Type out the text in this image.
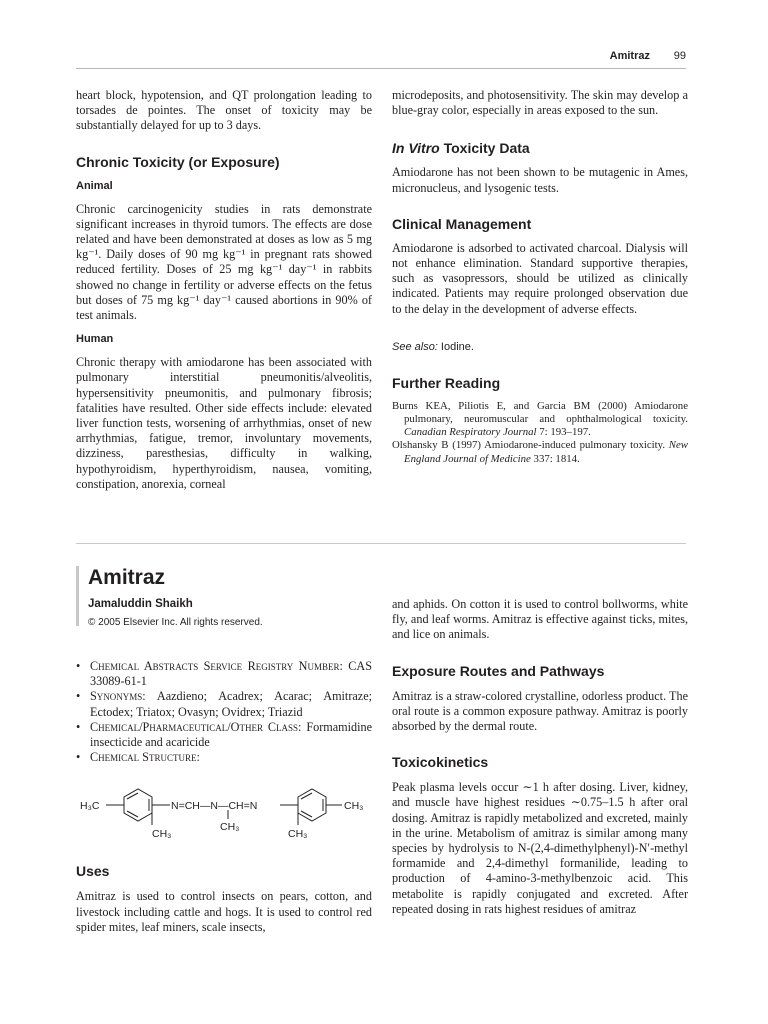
Amitraz 99

heart block, hypotension, and QT prolongation leading to torsades de pointes. The onset of toxicity may be substantially delayed for up to 3 days.

Chronic Toxicity (or Exposure)

Animal

Chronic carcinogenicity studies in rats demonstrate significant increases in thyroid tumors. The effects are dose related and have been demonstrated at doses as low as 5 mg kg⁻¹. Daily doses of 90 mg kg⁻¹ in pregnant rats showed reduced fertility. Doses of 25 mg kg⁻¹ day⁻¹ in rabbits showed no change in fertility or adverse effects on the fetus but doses of 75 mg kg⁻¹ day⁻¹ caused abortions in 90% of test animals.

Human

Chronic therapy with amiodarone has been associated with pulmonary interstitial pneumonitis/alveolitis, hypersensitivity pneumonitis, and pulmonary fibrosis; fatalities have resulted. Other side effects include: elevated liver function tests, worsening of arrhythmias, onset of new arrhythmias, fatigue, tremor, involuntary movements, dizziness, paresthesias, difficulty in walking, hypothyroidism, hyperthyroidism, nausea, vomiting, constipation, anorexia, corneal

microdeposits, and photosensitivity. The skin may develop a blue-gray color, especially in areas exposed to the sun.

In Vitro Toxicity Data

Amiodarone has not been shown to be mutagenic in Ames, micronucleus, and lysogenic tests.

Clinical Management

Amiodarone is adsorbed to activated charcoal. Dialysis will not enhance elimination. Standard supportive therapies, such as vasopressors, should be utilized as clinically indicated. Patients may require prolonged observation due to the delay in the development of adverse effects.

See also: Iodine.

Further Reading

Burns KEA, Piliotis E, and Garcia BM (2000) Amiodarone pulmonary, neuromuscular and ophthalmological toxicity. Canadian Respiratory Journal 7: 193–197.

Olshansky B (1997) Amiodarone-induced pulmonary toxicity. New England Journal of Medicine 337: 1814.

Amitraz
Jamaluddin Shaikh
© 2005 Elsevier Inc. All rights reserved.
• Chemical Abstracts Service Registry Number: CAS 33089-61-1
• Synonyms: Aazdieno; Acadrex; Acarac; Amitraze; Ectodex; Triatox; Ovasyn; Ovidrex; Triazid
• Chemical/Pharmaceutical/Other Class: Formamidine insecticide and acaricide
• Chemical Structure:
H₃C	N=CH—N—CH=N
CH₃
CH₃
CH₃	CH₃

Uses

Amitraz is used to control insects on pears, cotton, and livestock including cattle and hogs. It is used to control red spider mites, leaf miners, scale insects,

and aphids. On cotton it is used to control bollworms, white fly, and leaf worms. Amitraz is effective against ticks, mites, and lice on animals.

Exposure Routes and Pathways

Amitraz is a straw-colored crystalline, odorless product. The oral route is a common exposure pathway. Amitraz is poorly absorbed by the dermal route.

Toxicokinetics

Peak plasma levels occur ∼1 h after dosing. Liver, kidney, and muscle have highest residues ∼0.75–1.5 h after oral dosing. Amitraz is rapidly metabolized and excreted, mainly in the urine. Metabolism of amitraz is similar among many species by hydrolysis to N-(2,4-dimethylphenyl)-N′-methyl formamide and 2,4-dimethyl formanilide, leading to production of 4-amino-3-methylbenzoic acid. This metabolite is rapidly conjugated and excreted. After repeated dosing in rats highest residues of amitraz
